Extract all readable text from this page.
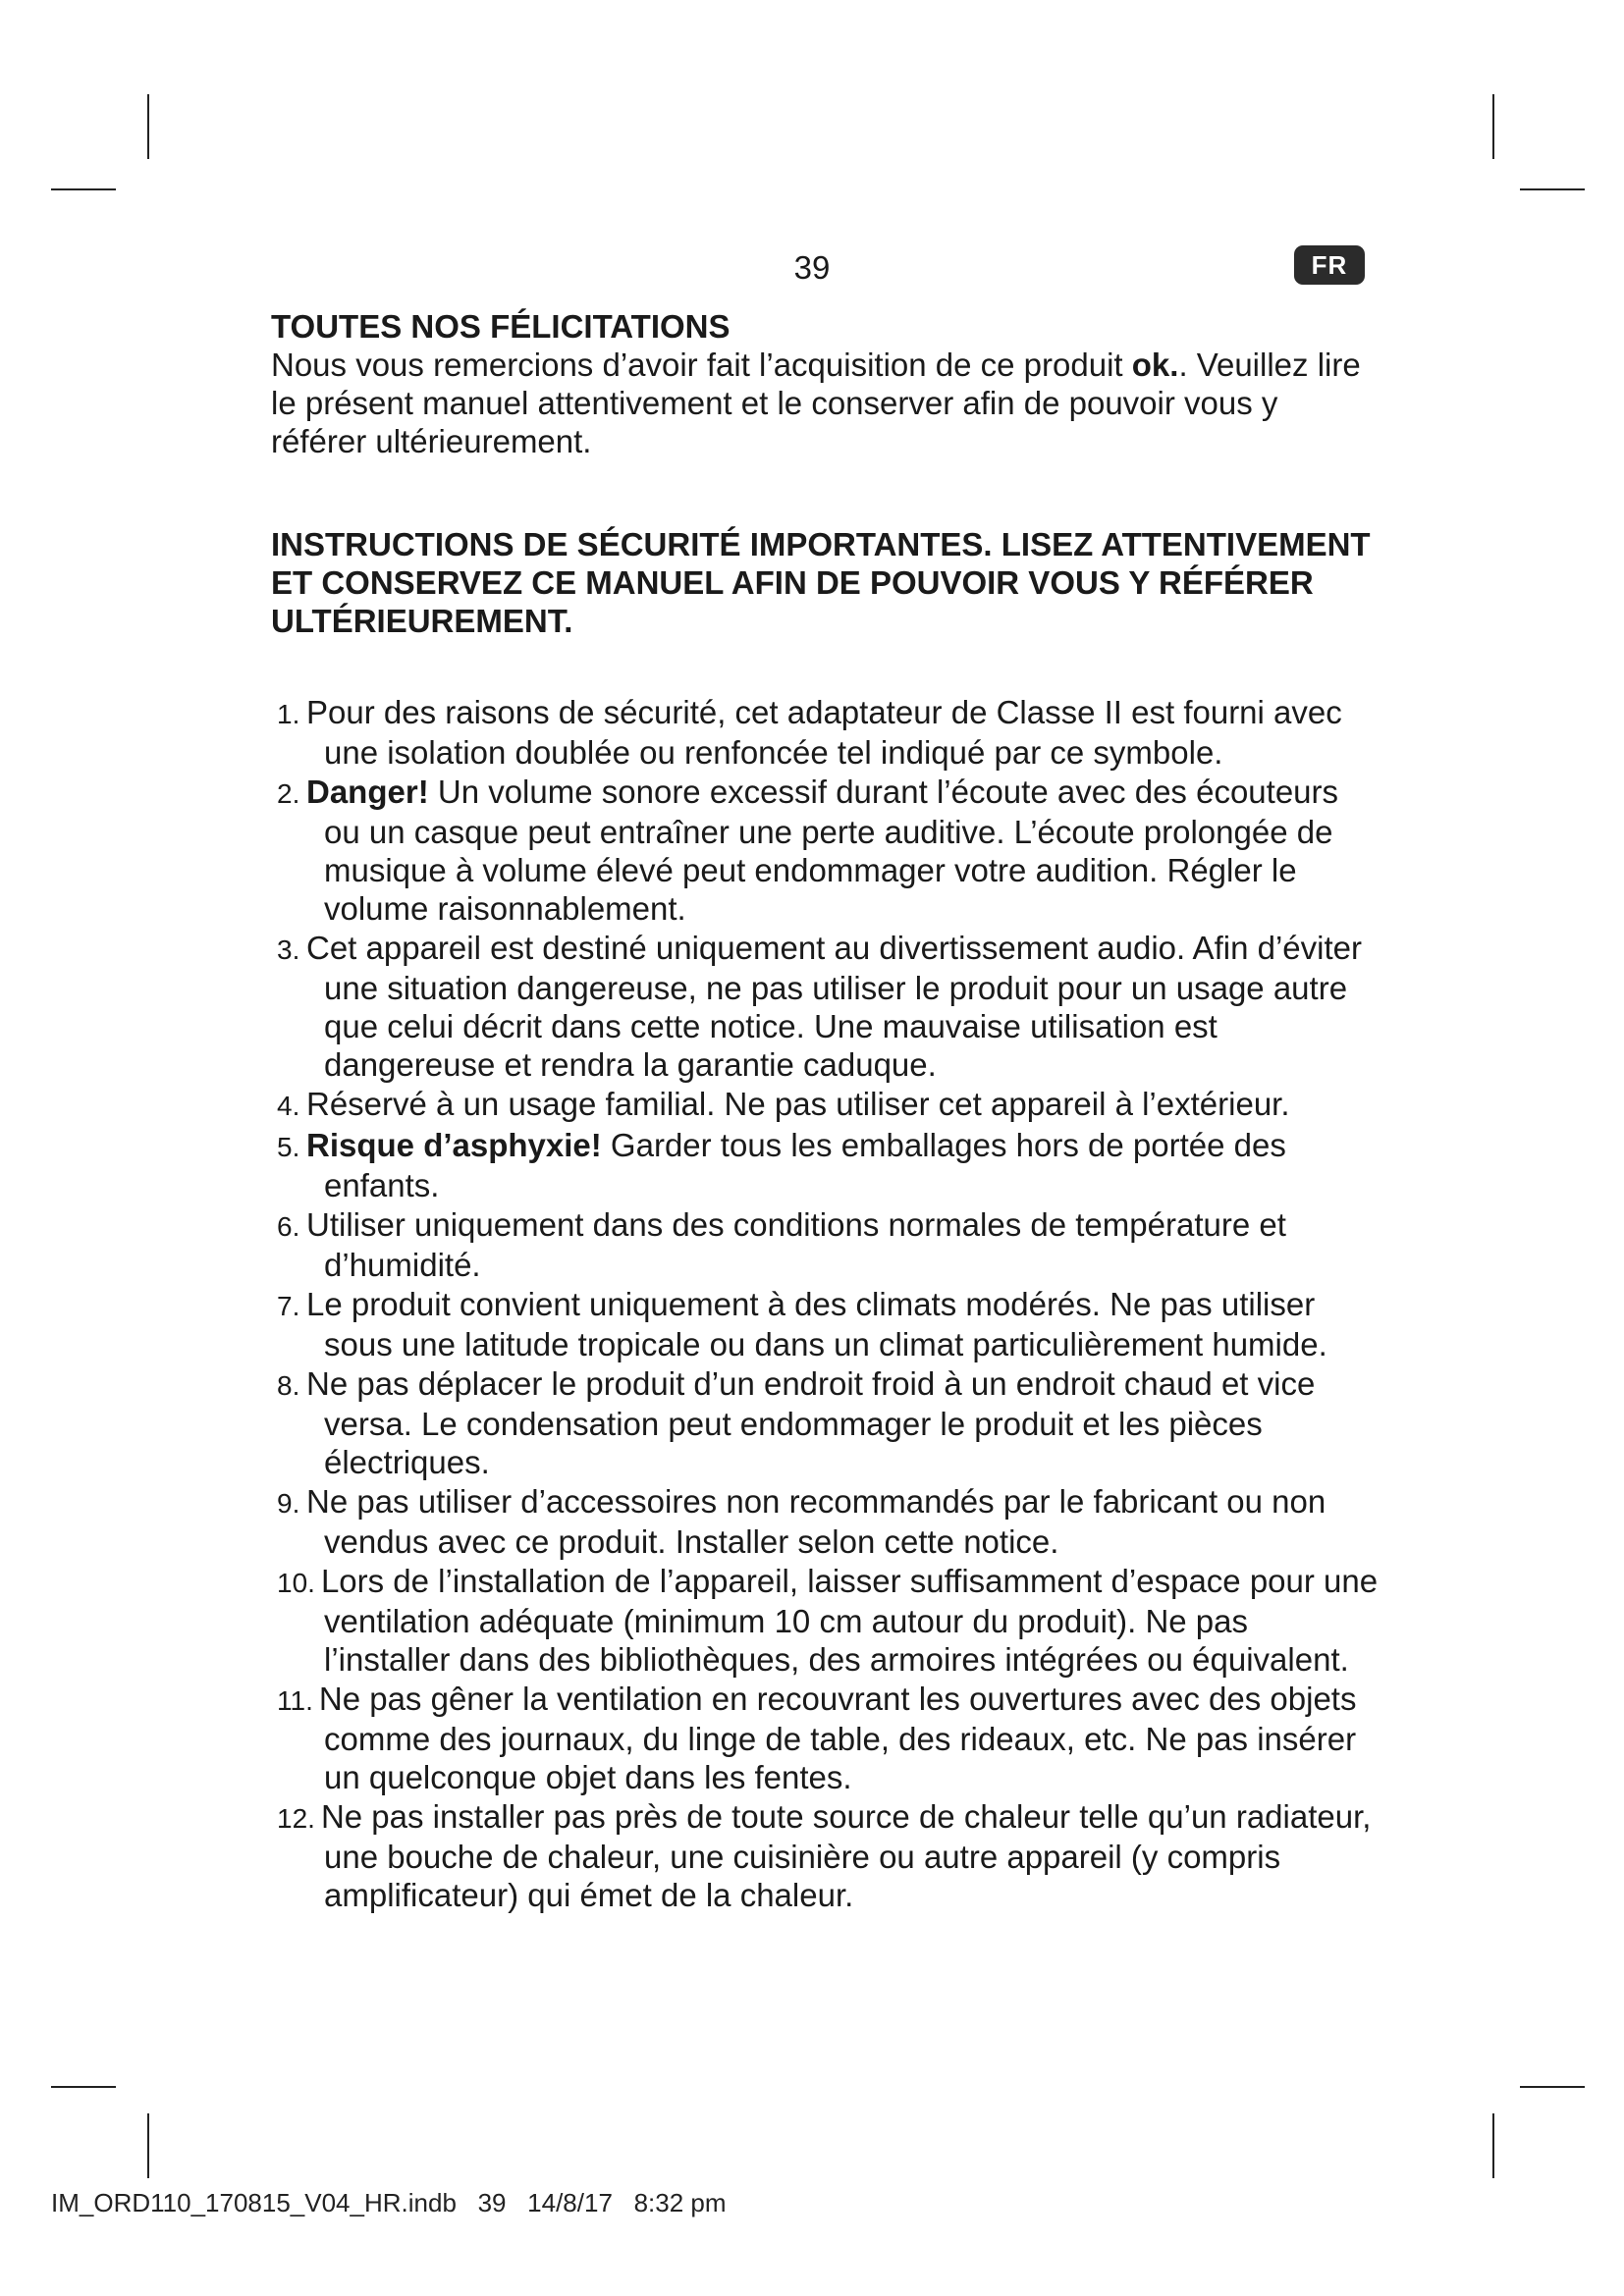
39	FR
TOUTES NOS FÉLICITATIONS

Nous vous remercions d’avoir fait l’acquisition de ce produit ok.. Veuillez lire le présent manuel attentivement et le conserver afin de pouvoir vous y référer ultérieurement.

INSTRUCTIONS DE SÉCURITÉ IMPORTANTES. LISEZ ATTENTIVEMENT ET CONSERVEZ CE MANUEL AFIN DE POUVOIR VOUS Y RÉFÉRER ULTÉRIEUREMENT.
1. Pour des raisons de sécurité, cet adaptateur de Classe II est fourni avec une isolation doublée ou renfoncée tel indiqué par ce symbole.
2. Danger! Un volume sonore excessif durant l’écoute avec des écouteurs ou un casque peut entraîner une perte auditive. L’écoute prolongée de musique à volume élevé peut endommager votre audition. Régler le volume raisonnablement.
3. Cet appareil est destiné uniquement au divertissement audio. Afin d’éviter une situation dangereuse, ne pas utiliser le produit pour un usage autre que celui décrit dans cette notice. Une mauvaise utilisation est dangereuse et rendra la garantie caduque.
4. Réservé à un usage familial. Ne pas utiliser cet appareil à l’extérieur.
5. Risque d’asphyxie! Garder tous les emballages hors de portée des enfants.
6. Utiliser uniquement dans des conditions normales de température et d’humidité.
7. Le produit convient uniquement à des climats modérés. Ne pas utiliser sous une latitude tropicale ou dans un climat particulièrement humide.
8. Ne pas déplacer le produit d’un endroit froid à un endroit chaud et vice versa. Le condensation peut endommager le produit et les pièces électriques.
9. Ne pas utiliser d’accessoires non recommandés par le fabricant ou non vendus avec ce produit. Installer selon cette notice.
10. Lors de l’installation de l’appareil, laisser suffisamment d’espace pour une ventilation adéquate (minimum 10 cm autour du produit). Ne pas l’installer dans des bibliothèques, des armoires intégrées ou équivalent.
11. Ne pas gêner la ventilation en recouvrant les ouvertures avec des objets comme des journaux, du linge de table, des rideaux, etc. Ne pas insérer un quelconque objet dans les fentes.
12. Ne pas installer pas près de toute source de chaleur telle qu’un radiateur, une bouche de chaleur, une cuisinière ou autre appareil (y compris amplificateur) qui émet de la chaleur.
IM_ORD110_170815_V04_HR.indb   39   14/8/17   8:32 pm
